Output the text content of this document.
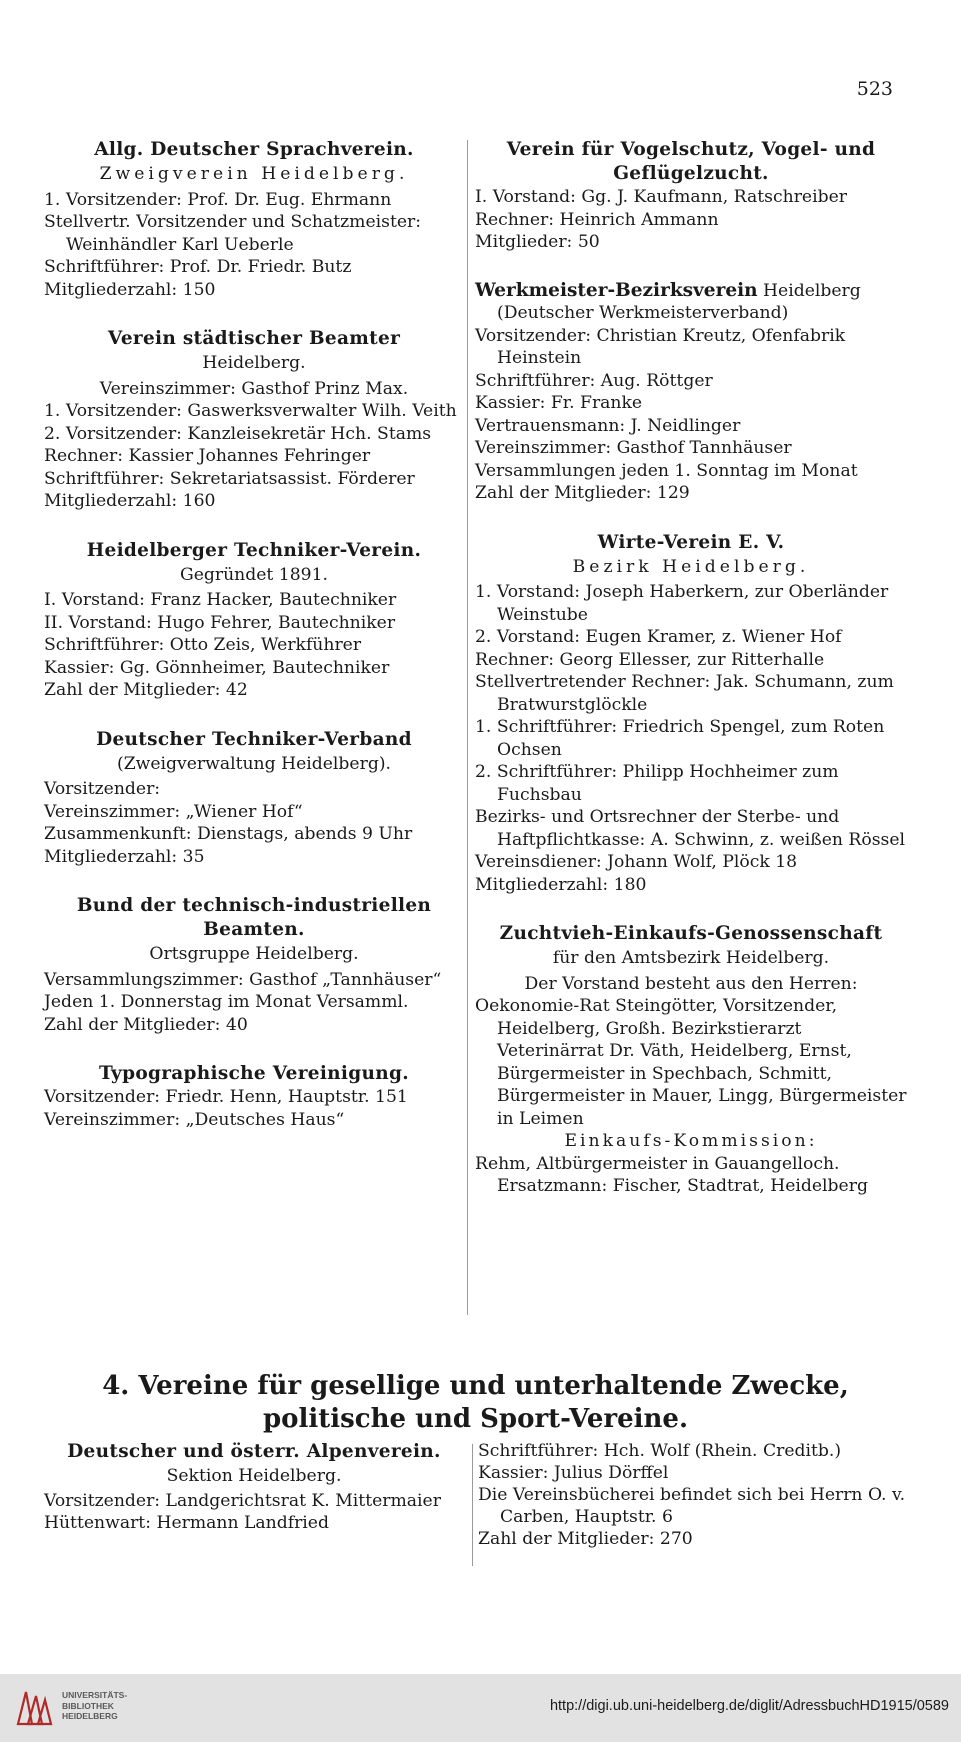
523
Allg. Deutscher Sprachverein.
Zweigverein Heidelberg.
1. Vorsitzender: Prof. Dr. Eug. Ehrmann
Stellvertr. Vorsitzender und Schatzmeister: Weinhändler Karl Ueberle
Schriftführer: Prof. Dr. Friedr. Butz
Mitgliederzahl: 150
Verein städtischer Beamter
Heidelberg.
Vereinszimmer: Gasthof Prinz Max.
1. Vorsitzender: Gaswerksverwalter Wilh. Veith
2. Vorsitzender: Kanzleisekretär Hch. Stams
Rechner: Kassier Johannes Fehringer
Schriftführer: Sekretariatsassist. Förderer
Mitgliederzahl: 160
Heidelberger Techniker-Verein.
Gegründet 1891.
I. Vorstand: Franz Hacker, Bautechniker
II. Vorstand: Hugo Fehrer, Bautechniker
Schriftführer: Otto Zeis, Werkführer
Kassier: Gg. Gönnheimer, Bautechniker
Zahl der Mitglieder: 42
Deutscher Techniker-Verband
(Zweigverwaltung Heidelberg).
Vorsitzender:
Vereinszimmer: „Wiener Hof“
Zusammenkunft: Dienstags, abends 9 Uhr
Mitgliederzahl: 35
Bund der technisch-industriellen Beamten.
Ortsgruppe Heidelberg.
Versammlungszimmer: Gasthof „Tannhäuser“
Jeden 1. Donnerstag im Monat Versamml.
Zahl der Mitglieder: 40
Typographische Vereinigung.
Vorsitzender: Friedr. Henn, Hauptstr. 151
Vereinszimmer: „Deutsches Haus“
Verein für Vogelschutz, Vogel- und Geflügelzucht.
I. Vorstand: Gg. J. Kaufmann, Ratschreiber
Rechner: Heinrich Ammann
Mitglieder: 50
Werkmeister-Bezirksverein Heidelberg (Deutscher Werkmeisterverband)
Vorsitzender: Christian Kreutz, Ofenfabrik Heinstein
Schriftführer: Aug. Röttger
Kassier: Fr. Franke
Vertrauensmann: J. Neidlinger
Vereinszimmer: Gasthof Tannhäuser
Versammlungen jeden 1. Sonntag im Monat
Zahl der Mitglieder: 129
Wirte-Verein E. V.
Bezirk Heidelberg.
1. Vorstand: Joseph Haberkern, zur Oberländer Weinstube
2. Vorstand: Eugen Kramer, z. Wiener Hof
Rechner: Georg Ellesser, zur Ritterhalle
Stellvertretender Rechner: Jak. Schumann, zum Bratwurstglöckle
1. Schriftführer: Friedrich Spengel, zum Roten Ochsen
2. Schriftführer: Philipp Hochheimer zum Fuchsbau
Bezirks- und Ortsrechner der Sterbe- und Haftpflichtkasse: A. Schwinn, z. weißen Rössel
Vereinsdiener: Johann Wolf, Plöck 18
Mitgliederzahl: 180
Zuchtvieh-Einkaufs-Genossenschaft
für den Amtsbezirk Heidelberg.
Der Vorstand besteht aus den Herren:
Oekonomie-Rat Steingötter, Vorsitzender, Heidelberg, Großh. Bezirkstierarzt Veterinärrat Dr. Väth, Heidelberg, Ernst, Bürgermeister in Spechbach, Schmitt, Bürgermeister in Mauer, Lingg, Bürgermeister in Leimen
Einkaufs-Kommission:
Rehm, Altbürgermeister in Gauangelloch. Ersatzmann: Fischer, Stadtrat, Heidelberg
4. Vereine für gesellige und unterhaltende Zwecke, politische und Sport-Vereine.
Deutscher und österr. Alpenverein.
Sektion Heidelberg.
Vorsitzender: Landgerichtsrat K. Mittermaier
Hüttenwart: Hermann Landfried
Schriftführer: Hch. Wolf (Rhein. Creditb.)
Kassier: Julius Dörffel
Die Vereinsbücherei befindet sich bei Herrn O. v. Carben, Hauptstr. 6
Zahl der Mitglieder: 270
UNIVERSITÄTS-
BIBLIOTHEK
HEIDELBERG
http://digi.ub.uni-heidelberg.de/diglit/AdressbuchHD1915/0589
